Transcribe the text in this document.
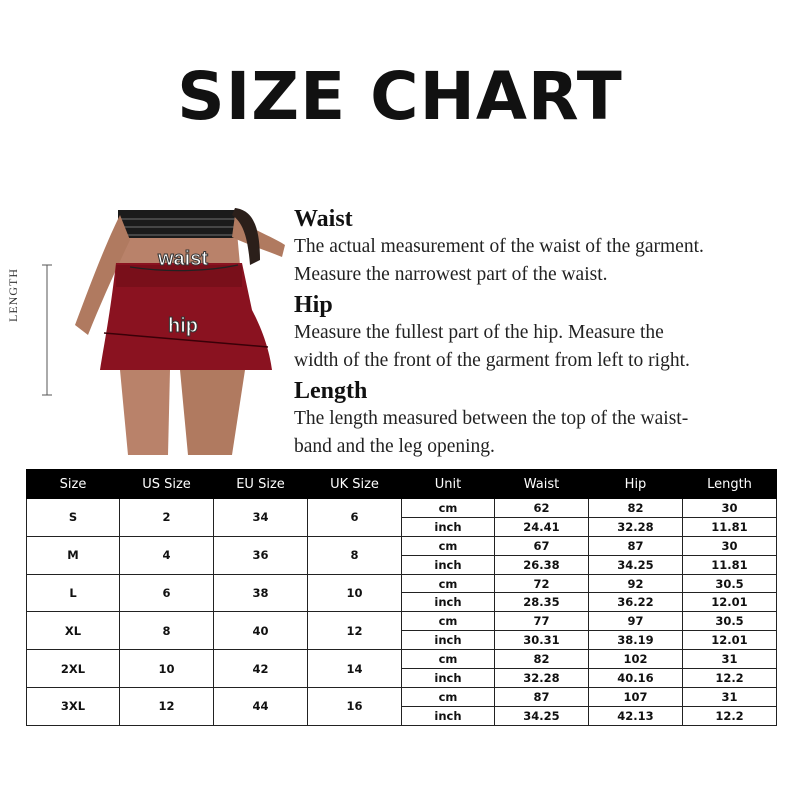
SIZE CHART
waist
hip
LENGTH
Waist
The actual measurement of the waist of the garment.
Measure the narrowest part of the waist.
Hip
Measure the fullest part of the hip. Measure the
width of the front of the garment from left to right.
Length
The length measured between the top of the waist-
band and the leg opening.
Size	US Size	EU Size	UK Size	Unit	Waist	Hip	Length
S	2	34	6	cm	62	82	30
				inch	24.41	32.28	11.81
M	4	36	8	cm	67	87	30
				inch	26.38	34.25	11.81
L	6	38	10	cm	72	92	30.5
				inch	28.35	36.22	12.01
XL	8	40	12	cm	77	97	30.5
				inch	30.31	38.19	12.01
2XL	10	42	14	cm	82	102	31
				inch	32.28	40.16	12.2
3XL	12	44	16	cm	87	107	31
				inch	34.25	42.13	12.2
